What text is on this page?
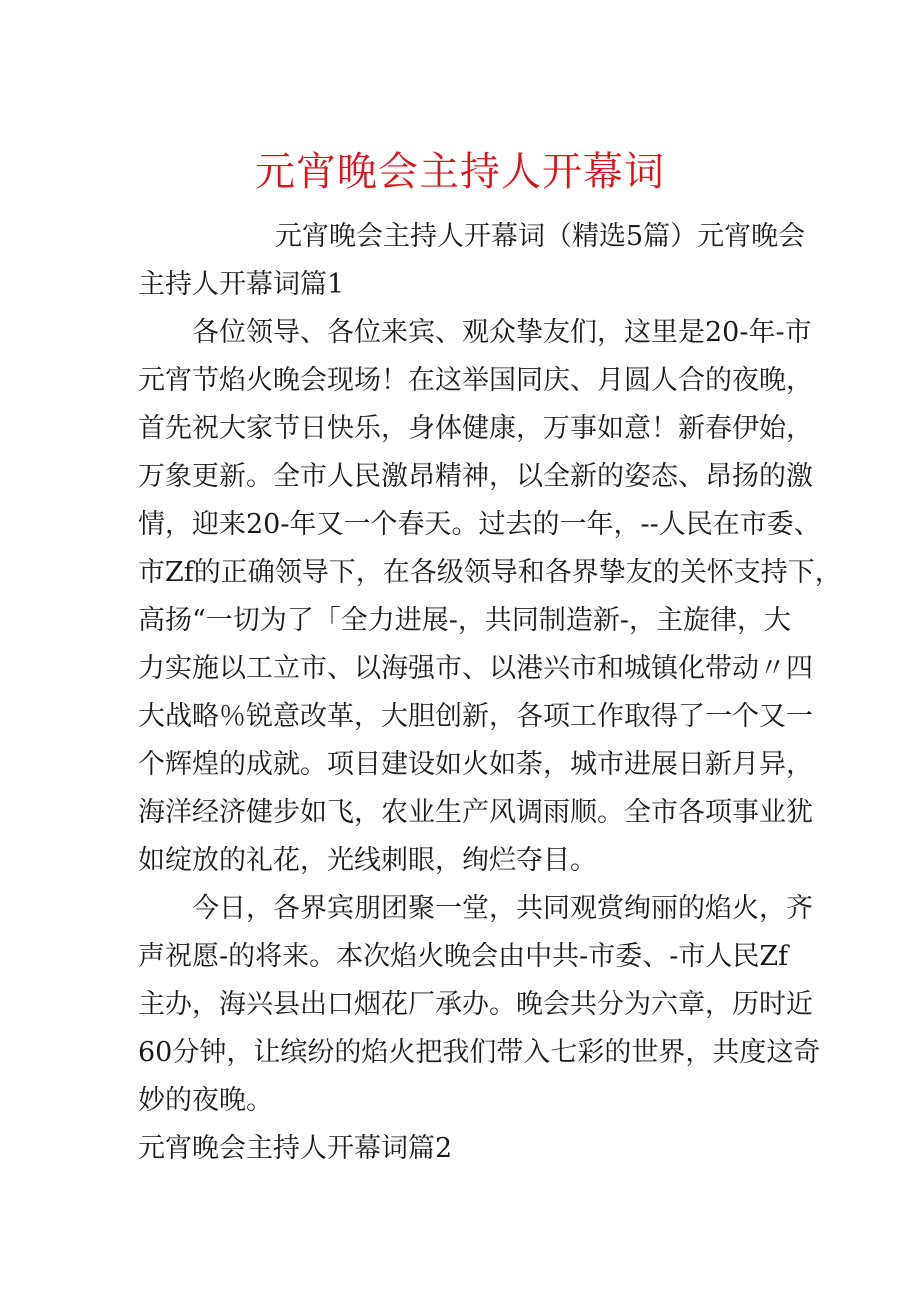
元宵晚会主持人开幕词
元宵晚会主持人开幕词（精选5篇）元宵晚会
主持人开幕词篇1
各位领导、各位来宾、观众挚友们，这里是20-年-市
元宵节焰火晚会现场！在这举国同庆、月圆人合的夜晚，
首先祝大家节日快乐，身体健康，万事如意！新春伊始，
万象更新。全市人民激昂精神，以全新的姿态、昂扬的激
情，迎来20-年又一个春天。过去的一年，--人民在市委、
市Zf的正确领导下，在各级领导和各界挚友的关怀支持下，
高扬“一切为了「全力进展-，共同制造新-，主旋律，大
力实施以工立市、以海强市、以港兴市和城镇化带动〃四
大战略％锐意改革，大胆创新，各项工作取得了一个又一
个辉煌的成就。项目建设如火如荼，城市进展日新月异，
海洋经济健步如飞，农业生产风调雨顺。全市各项事业犹
如绽放的礼花，光线刺眼，绚烂夺目。
今日，各界宾朋团聚一堂，共同观赏绚丽的焰火，齐
声祝愿-的将来。本次焰火晚会由中共-市委、-市人民Zf
主办，海兴县出口烟花厂承办。晚会共分为六章，历时近
60分钟，让缤纷的焰火把我们带入七彩的世界，共度这奇
妙的夜晚。
元宵晚会主持人开幕词篇2
